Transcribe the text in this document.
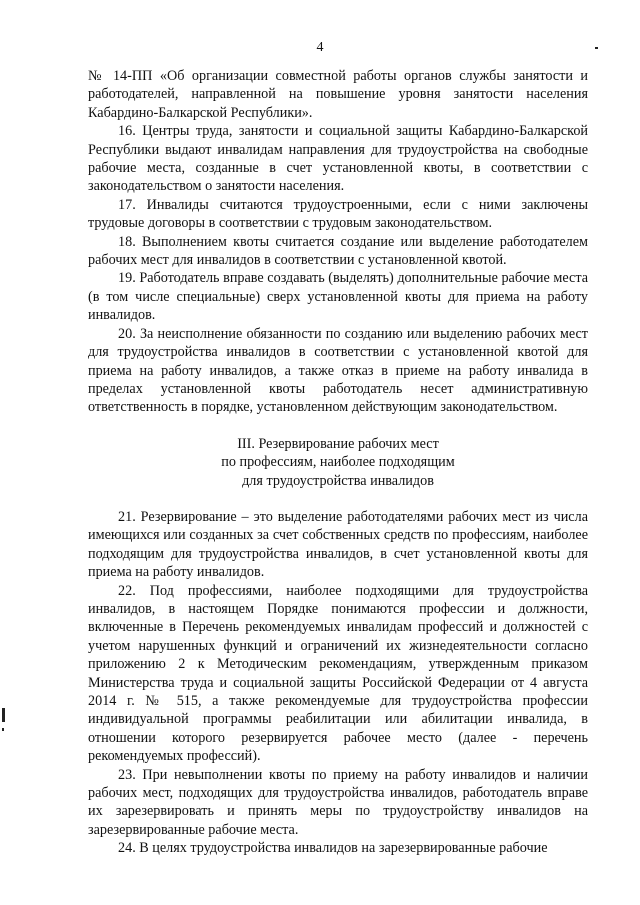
4

№ 14-ПП «Об организации совместной работы органов службы занятости и работодателей, направленной на повышение уровня занятости населения Кабардино-Балкарской Республики».

16. Центры труда, занятости и социальной защиты Кабардино-Балкарской Республики выдают инвалидам направления для трудоустройства на свободные рабочие места, созданные в счет установленной квоты, в соответствии с законодательством о занятости населения.

17. Инвалиды считаются трудоустроенными, если с ними заключены трудовые договоры в соответствии с трудовым законодательством.

18. Выполнением квоты считается создание или выделение работодателем рабочих мест для инвалидов в соответствии с установленной квотой.

19. Работодатель вправе создавать (выделять) дополнительные рабочие места (в том числе специальные) сверх установленной квоты для приема на работу инвалидов.

20. За неисполнение обязанности по созданию или выделению рабочих мест для трудоустройства инвалидов в соответствии с установленной квотой для приема на работу инвалидов, а также отказ в приеме на работу инвалида в пределах установленной квоты работодатель несет административную ответственность в порядке, установленном действующим законодательством.

III. Резервирование рабочих мест
по профессиям, наиболее подходящим
для трудоустройства инвалидов

21. Резервирование – это выделение работодателями рабочих мест из числа имеющихся или созданных за счет собственных средств по профессиям, наиболее подходящим для трудоустройства инвалидов, в счет установленной квоты для приема на работу инвалидов.

22. Под профессиями, наиболее подходящими для трудоустройства инвалидов, в настоящем Порядке понимаются профессии и должности, включенные в Перечень рекомендуемых инвалидам профессий и должностей с учетом нарушенных функций и ограничений их жизнедеятельности согласно приложению 2 к Методическим рекомендациям, утвержденным приказом Министерства труда и социальной защиты Российской Федерации от 4 августа 2014 г. № 515, а также рекомендуемые для трудоустройства профессии индивидуальной программы реабилитации или абилитации инвалида, в отношении которого резервируется рабочее место (далее - перечень рекомендуемых профессий).

23. При невыполнении квоты по приему на работу инвалидов и наличии рабочих мест, подходящих для трудоустройства инвалидов, работодатель вправе их зарезервировать и принять меры по трудоустройству инвалидов на зарезервированные рабочие места.

24. В целях трудоустройства инвалидов на зарезервированные рабочие
